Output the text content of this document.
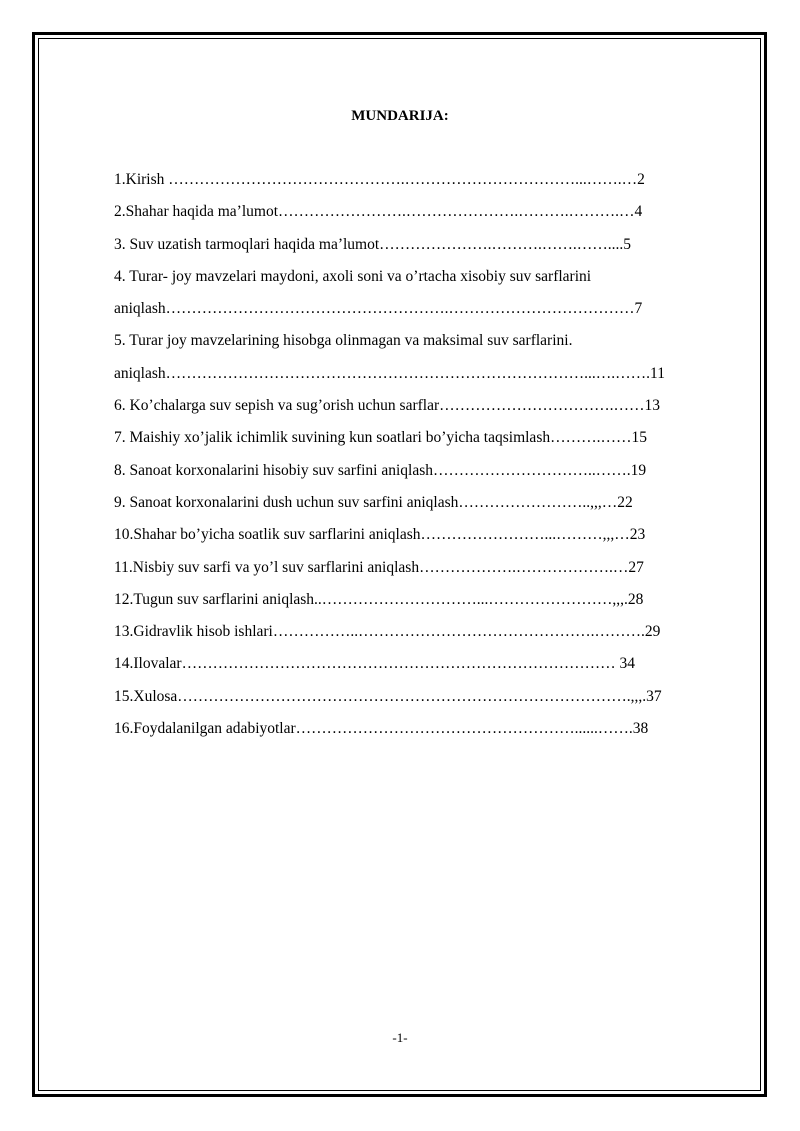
MUNDARIJA:
1.Kirish ……………………………………….……………………………...…….…2
2.Shahar haqida ma’lumot…………………….………………….……….……….…4
3. Suv uzatish tarmoqlari haqida ma’lumot………………….……….…….……....5
4. Turar- joy mavzelari maydoni, axoli soni va o’rtacha xisobiy suv sarflarini
aniqlash……………………………………………….………………………………7
5. Turar joy mavzelarining hisobga olinmagan va maksimal suv sarflarini.
aniqlash………………………………………………………………………...….…….11
6. Ko’chalarga suv sepish va sug’orish uchun sarflar…………………………….……13
7. Maishiy xo’jalik ichimlik suvining kun soatlari bo’yicha taqsimlash……….……15
8. Sanoat korxonalarini hisobiy suv sarfini aniqlash…………………………..…….19
9. Sanoat korxonalarini dush uchun suv sarfini aniqlash……………………..,,,…22
10.Shahar bo’yicha soatlik suv sarflarini aniqlash……………………...………,,,…23
11.Nisbiy suv sarfi va yo’l suv sarflarini aniqlash……………….……………….…27
12.Tugun suv sarflarini aniqlash..…………………………...……………………,,,.28
13.Gidravlik hisob ishlari……………..……………………………………….……….29
14.Ilovalar………………………………………………………………………… 34
15.Xulosa…………………………………………………………………………….,,,.37
16.Foydalanilgan adabiyotlar………………………………………………......…….38
-1-
